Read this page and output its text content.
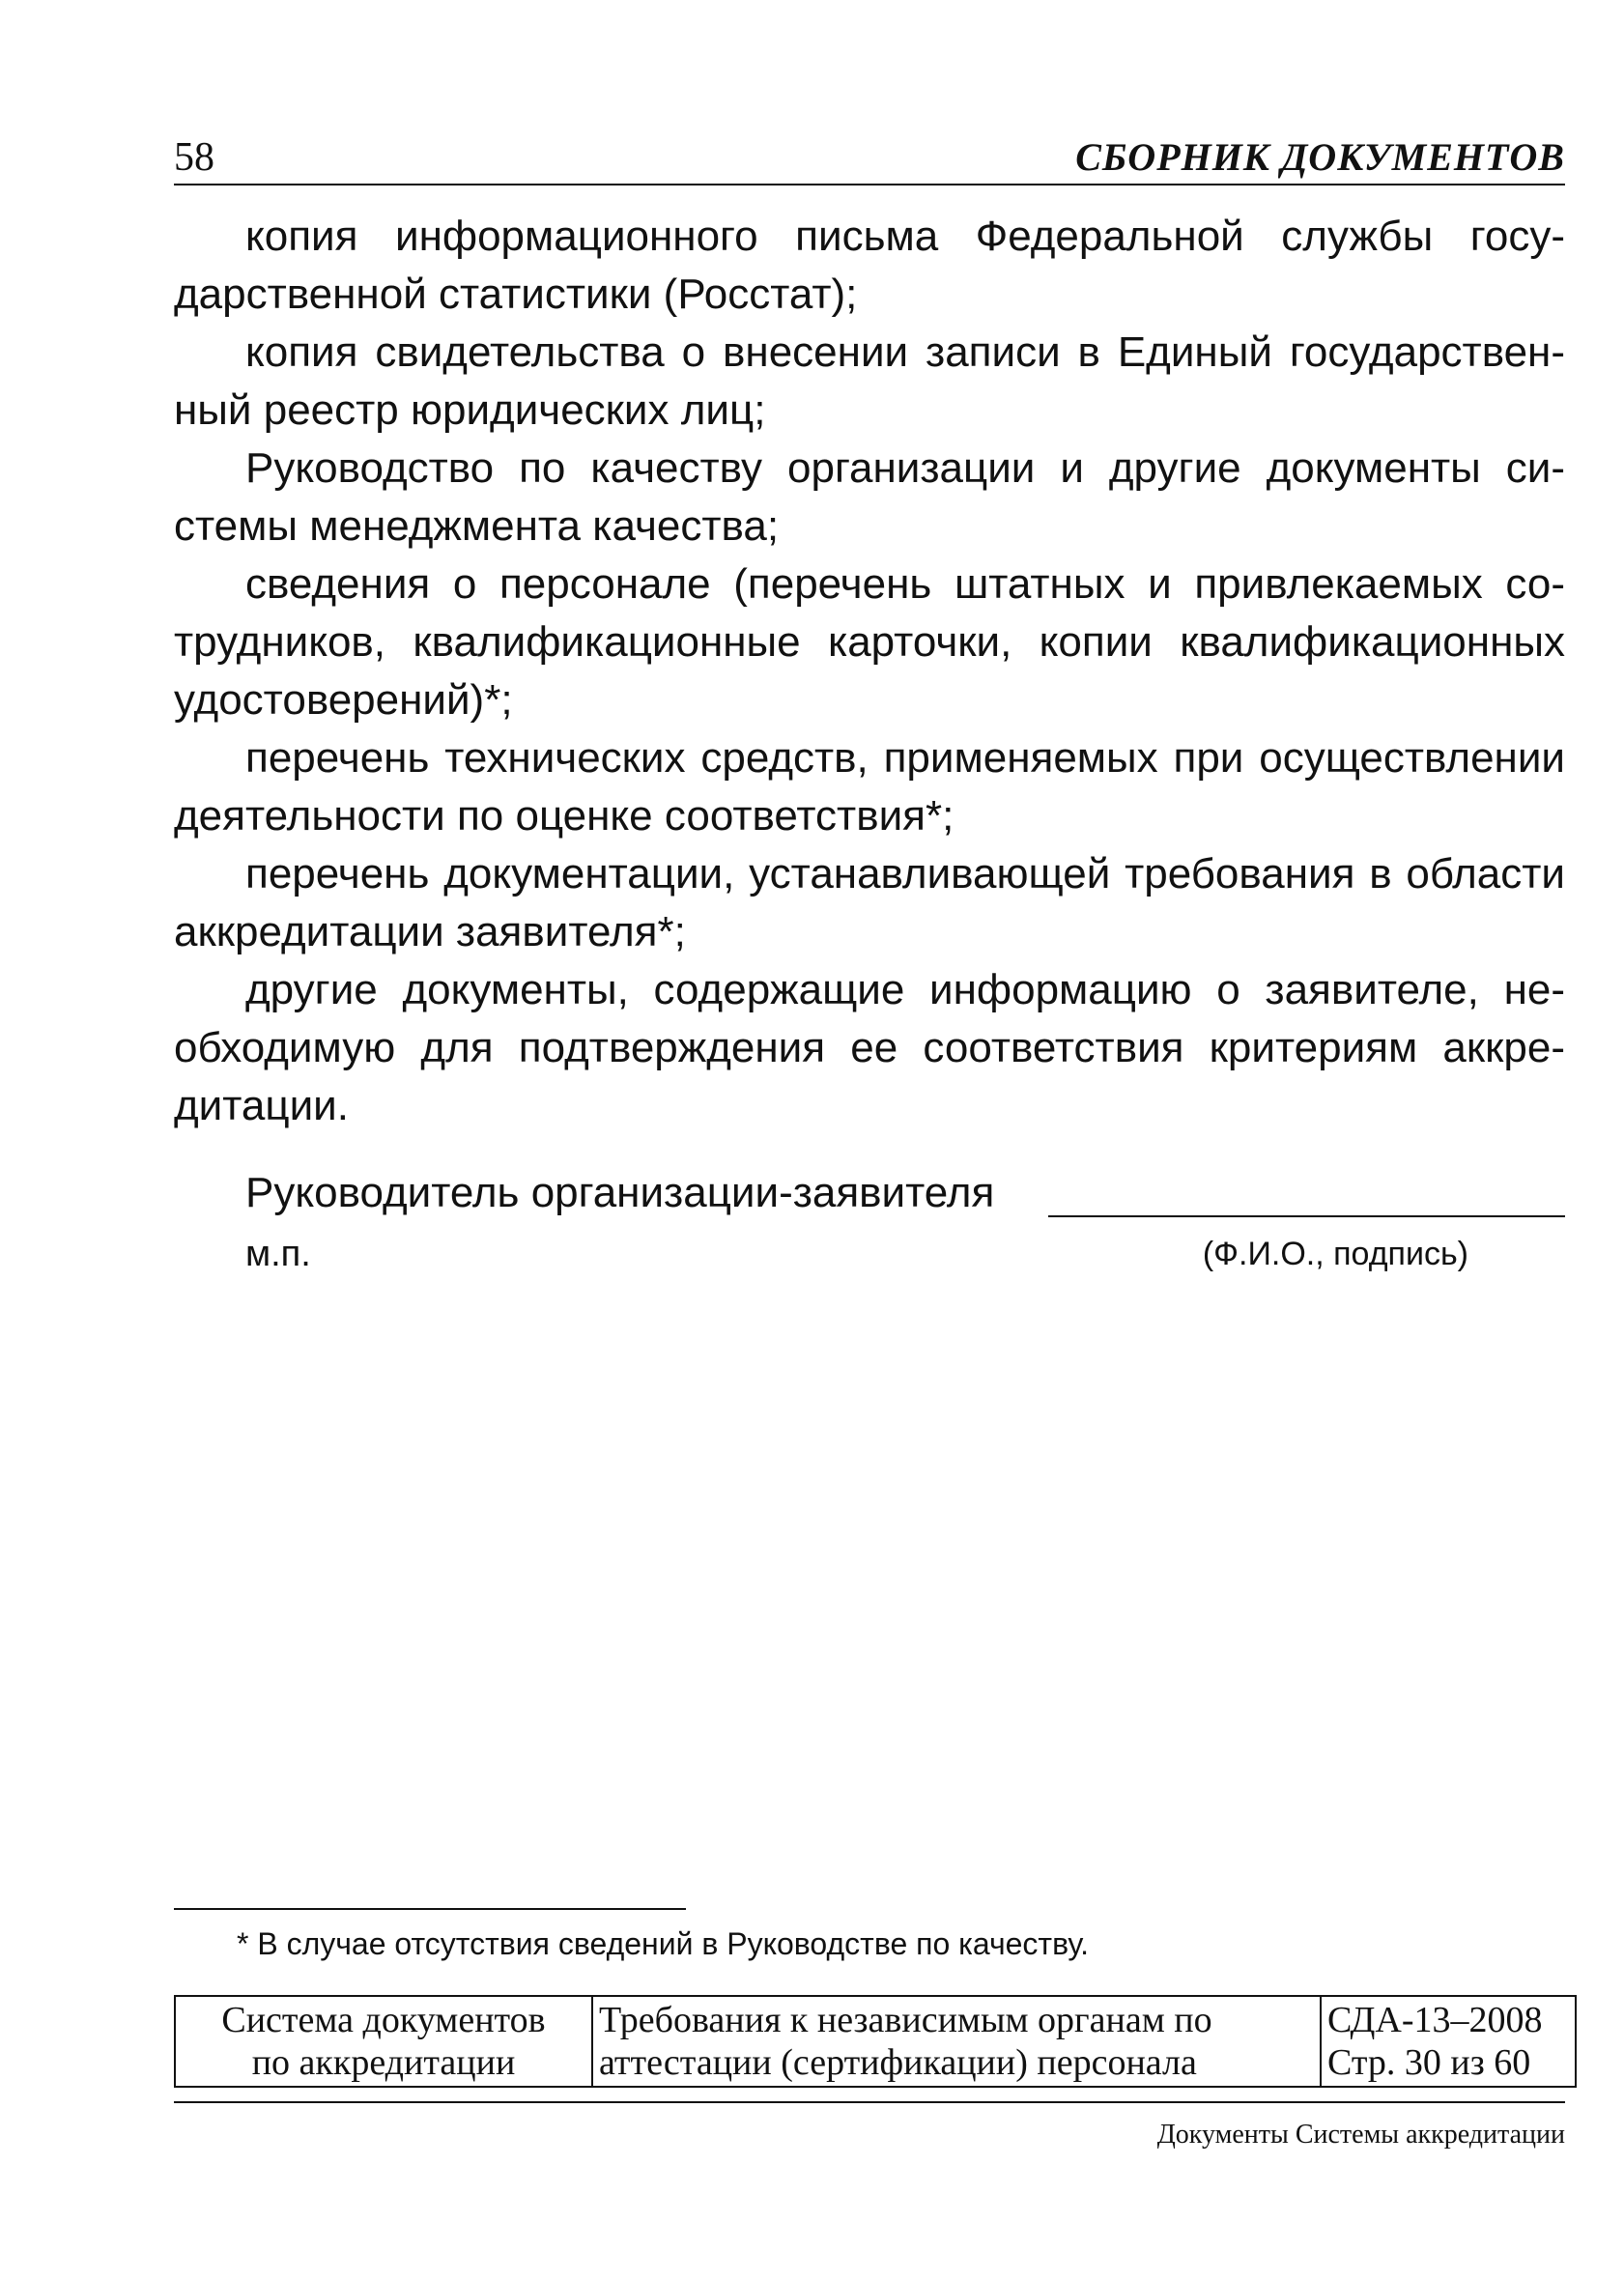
58	СБОРНИК ДОКУМЕНТОВ

копия информационного письма Федеральной службы государственной статистики (Росстат);

копия свидетельства о внесении записи в Единый государственный реестр юридических лиц;

Руководство по качеству организации и другие документы системы менеджмента качества;

сведения о персонале (перечень штатных и привлекаемых сотрудников, квалификационные карточки, копии квалификационных удостоверений)*;

перечень технических средств, применяемых при осуществлении деятельности по оценке соответствия*;

перечень документации, устанавливающей требования в области аккредитации заявителя*;

другие документы, содержащие информацию о заявителе, необходимую для подтверждения ее соответствия критериям аккредитации.

Руководитель организации-заявителя
м.п.	(Ф.И.О., подпись)
* В случае отсутствия сведений в Руководстве по качеству.
Система документов
по аккредитации

Требования к независимым органам по
аттестации (сертификации) персонала

СДА-13–2008
Стр. 30 из 60
Документы Системы аккредитации
